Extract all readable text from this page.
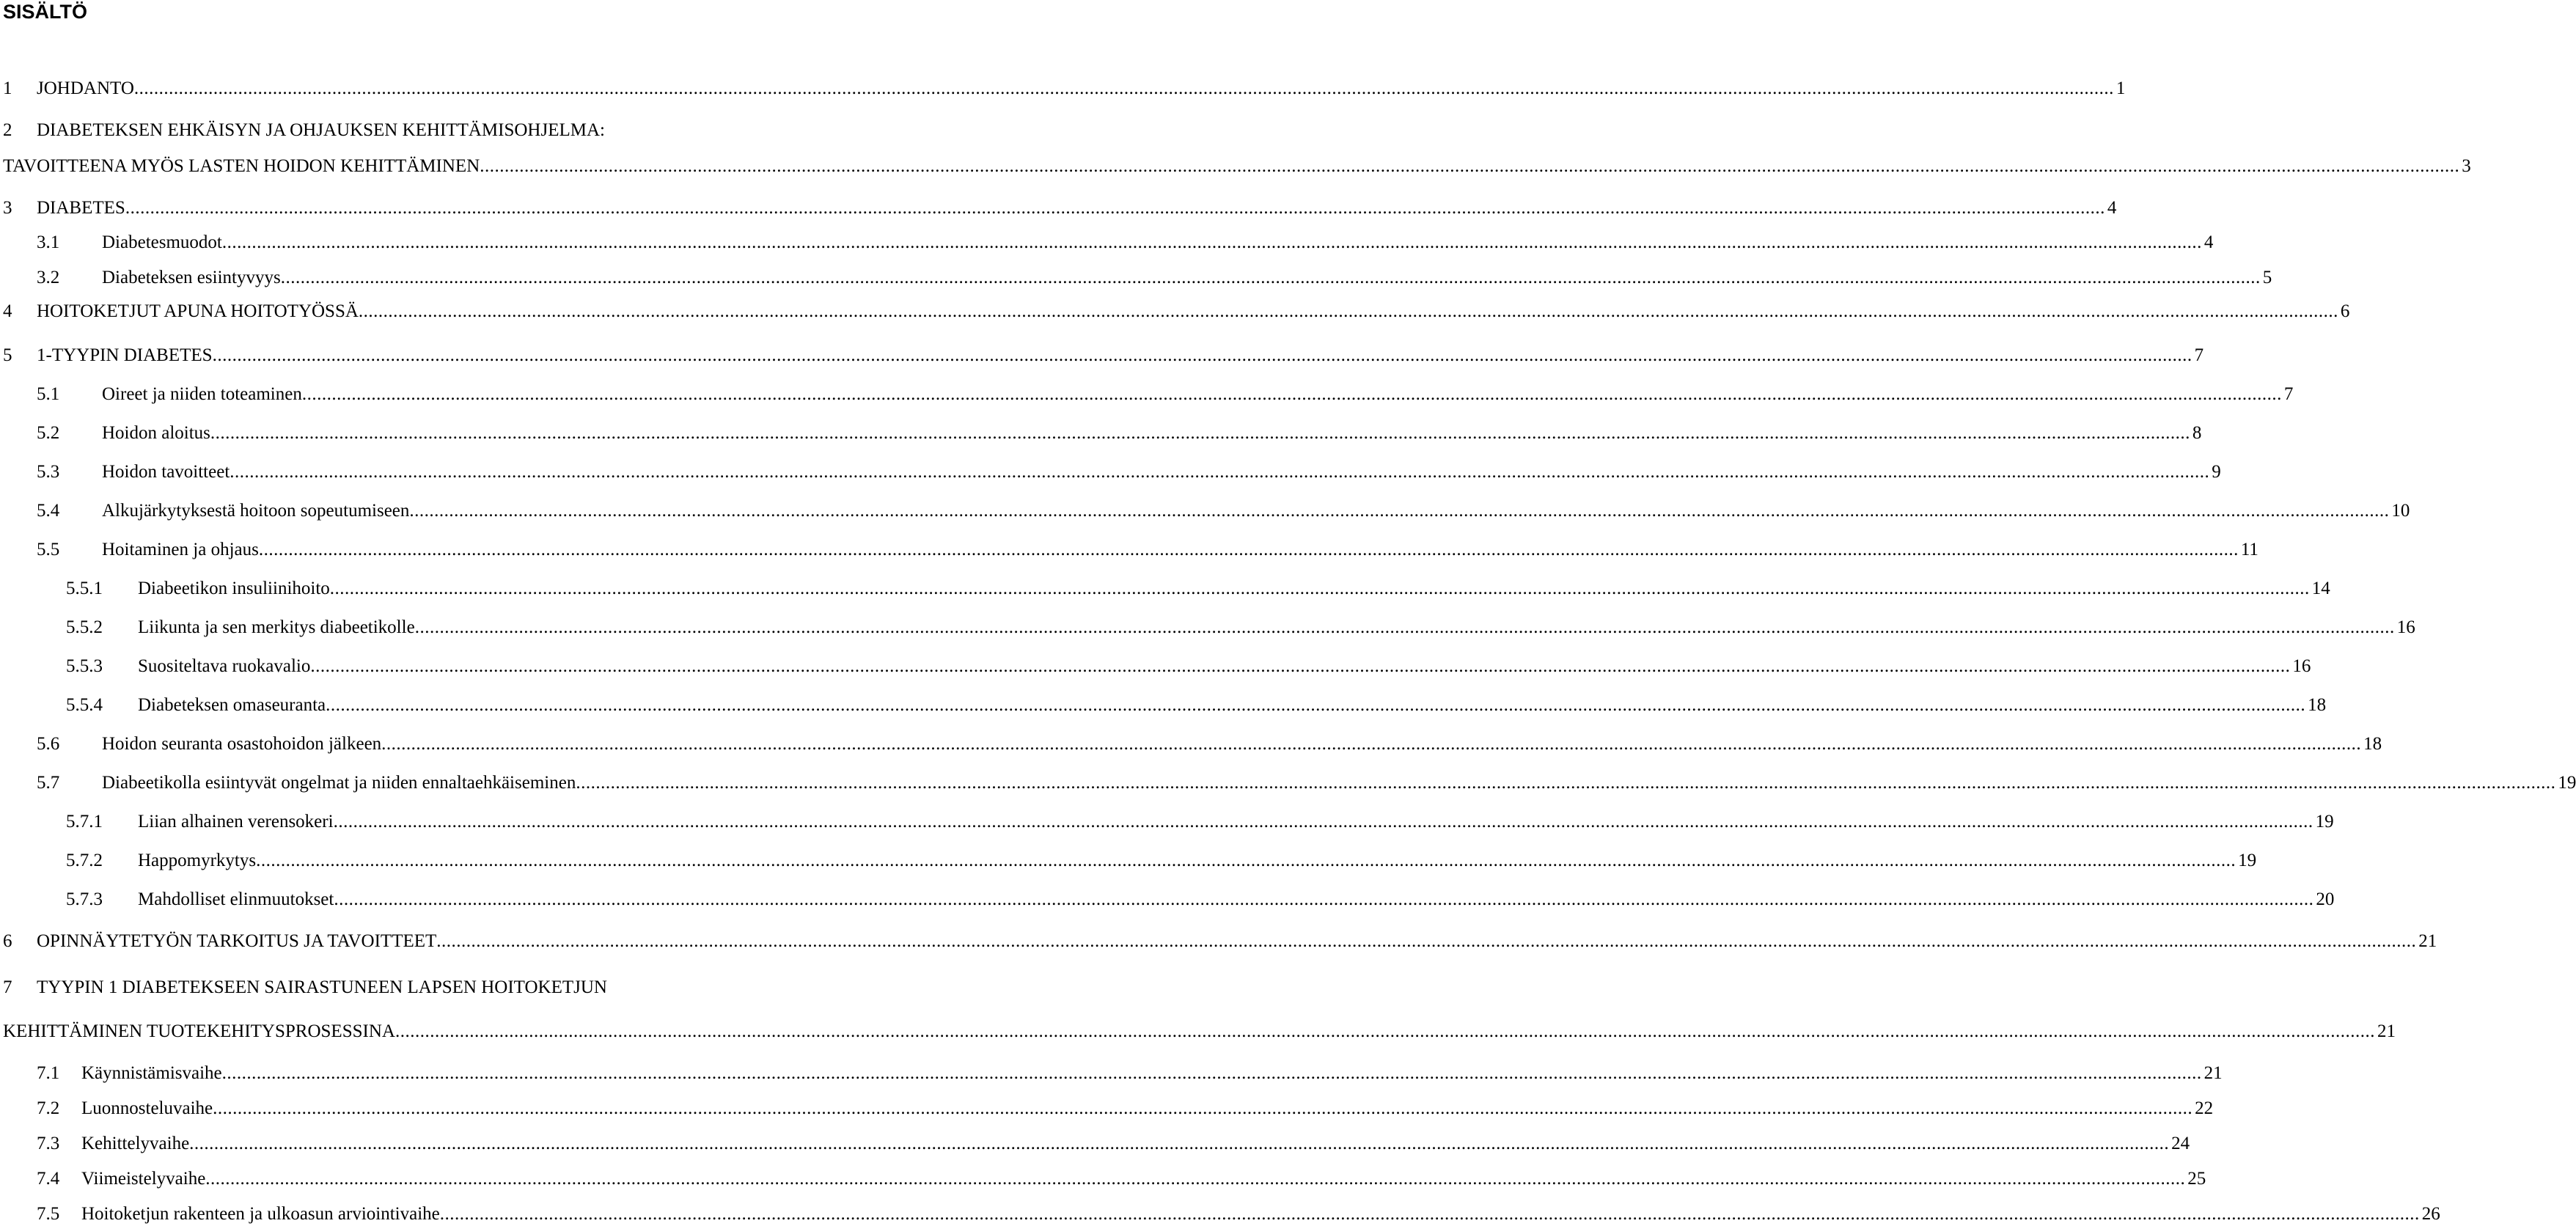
SISÄLTÖ
1 JOHDANTO ................................................................................................................................................................................................................................................................................................................................................................................................................ 1
2 DIABETEKSEN EHKÄISYN JA OHJAUKSEN KEHITTÄMISOHJELMA:
TAVOITTEENA MYÖS LASTEN HOIDON KEHITTÄMINEN ................................................................................................................................................................................................................................................................................................................................................................................................................ 3
3 DIABETES ................................................................................................................................................................................................................................................................................................................................................................................................................ 4
3.1 Diabetesmuodot ................................................................................................................................................................................................................................................................................................................................................................................................................ 4
3.2 Diabeteksen esiintyvyys ................................................................................................................................................................................................................................................................................................................................................................................................................ 5
4 HOITOKETJUT APUNA HOITOTYÖSSÄ ................................................................................................................................................................................................................................................................................................................................................................................................................ 6
5 1-TYYPIN DIABETES ................................................................................................................................................................................................................................................................................................................................................................................................................ 7
5.1 Oireet ja niiden toteaminen ................................................................................................................................................................................................................................................................................................................................................................................................................ 7
5.2 Hoidon aloitus ................................................................................................................................................................................................................................................................................................................................................................................................................ 8
5.3 Hoidon tavoitteet ................................................................................................................................................................................................................................................................................................................................................................................................................ 9
5.4 Alkujärkytyksestä hoitoon sopeutumiseen ................................................................................................................................................................................................................................................................................................................................................................................................................ 10
5.5 Hoitaminen ja ohjaus ................................................................................................................................................................................................................................................................................................................................................................................................................ 11
5.5.1 Diabeetikon insuliinihoito ................................................................................................................................................................................................................................................................................................................................................................................................................ 14
5.5.2 Liikunta ja sen merkitys diabeetikolle ................................................................................................................................................................................................................................................................................................................................................................................................................ 16
5.5.3 Suositeltava ruokavalio ................................................................................................................................................................................................................................................................................................................................................................................................................ 16
5.5.4 Diabeteksen omaseuranta ................................................................................................................................................................................................................................................................................................................................................................................................................ 18
5.6 Hoidon seuranta osastohoidon jälkeen ................................................................................................................................................................................................................................................................................................................................................................................................................ 18
5.7 Diabeetikolla esiintyvät ongelmat ja niiden ennaltaehkäiseminen ................................................................................................................................................................................................................................................................................................................................................................................................................ 19
5.7.1 Liian alhainen verensokeri ................................................................................................................................................................................................................................................................................................................................................................................................................ 19
5.7.2 Happomyrkytys ................................................................................................................................................................................................................................................................................................................................................................................................................ 19
5.7.3 Mahdolliset elinmuutokset ................................................................................................................................................................................................................................................................................................................................................................................................................ 20
6 OPINNÄYTETYÖN TARKOITUS JA TAVOITTEET ................................................................................................................................................................................................................................................................................................................................................................................................................ 21
7 TYYPIN 1 DIABETEKSEEN SAIRASTUNEEN LAPSEN HOITOKETJUN
KEHITTÄMINEN TUOTEKEHITYSPROSESSINA ................................................................................................................................................................................................................................................................................................................................................................................................................ 21
7.1 Käynnistämisvaihe ................................................................................................................................................................................................................................................................................................................................................................................................................ 21
7.2 Luonnosteluvaihe ................................................................................................................................................................................................................................................................................................................................................................................................................ 22
7.3 Kehittelyvaihe ................................................................................................................................................................................................................................................................................................................................................................................................................ 24
7.4 Viimeistelyvaihe ................................................................................................................................................................................................................................................................................................................................................................................................................ 25
7.5 Hoitoketjun rakenteen ja ulkoasun arviointivaihe ................................................................................................................................................................................................................................................................................................................................................................................................................ 26
